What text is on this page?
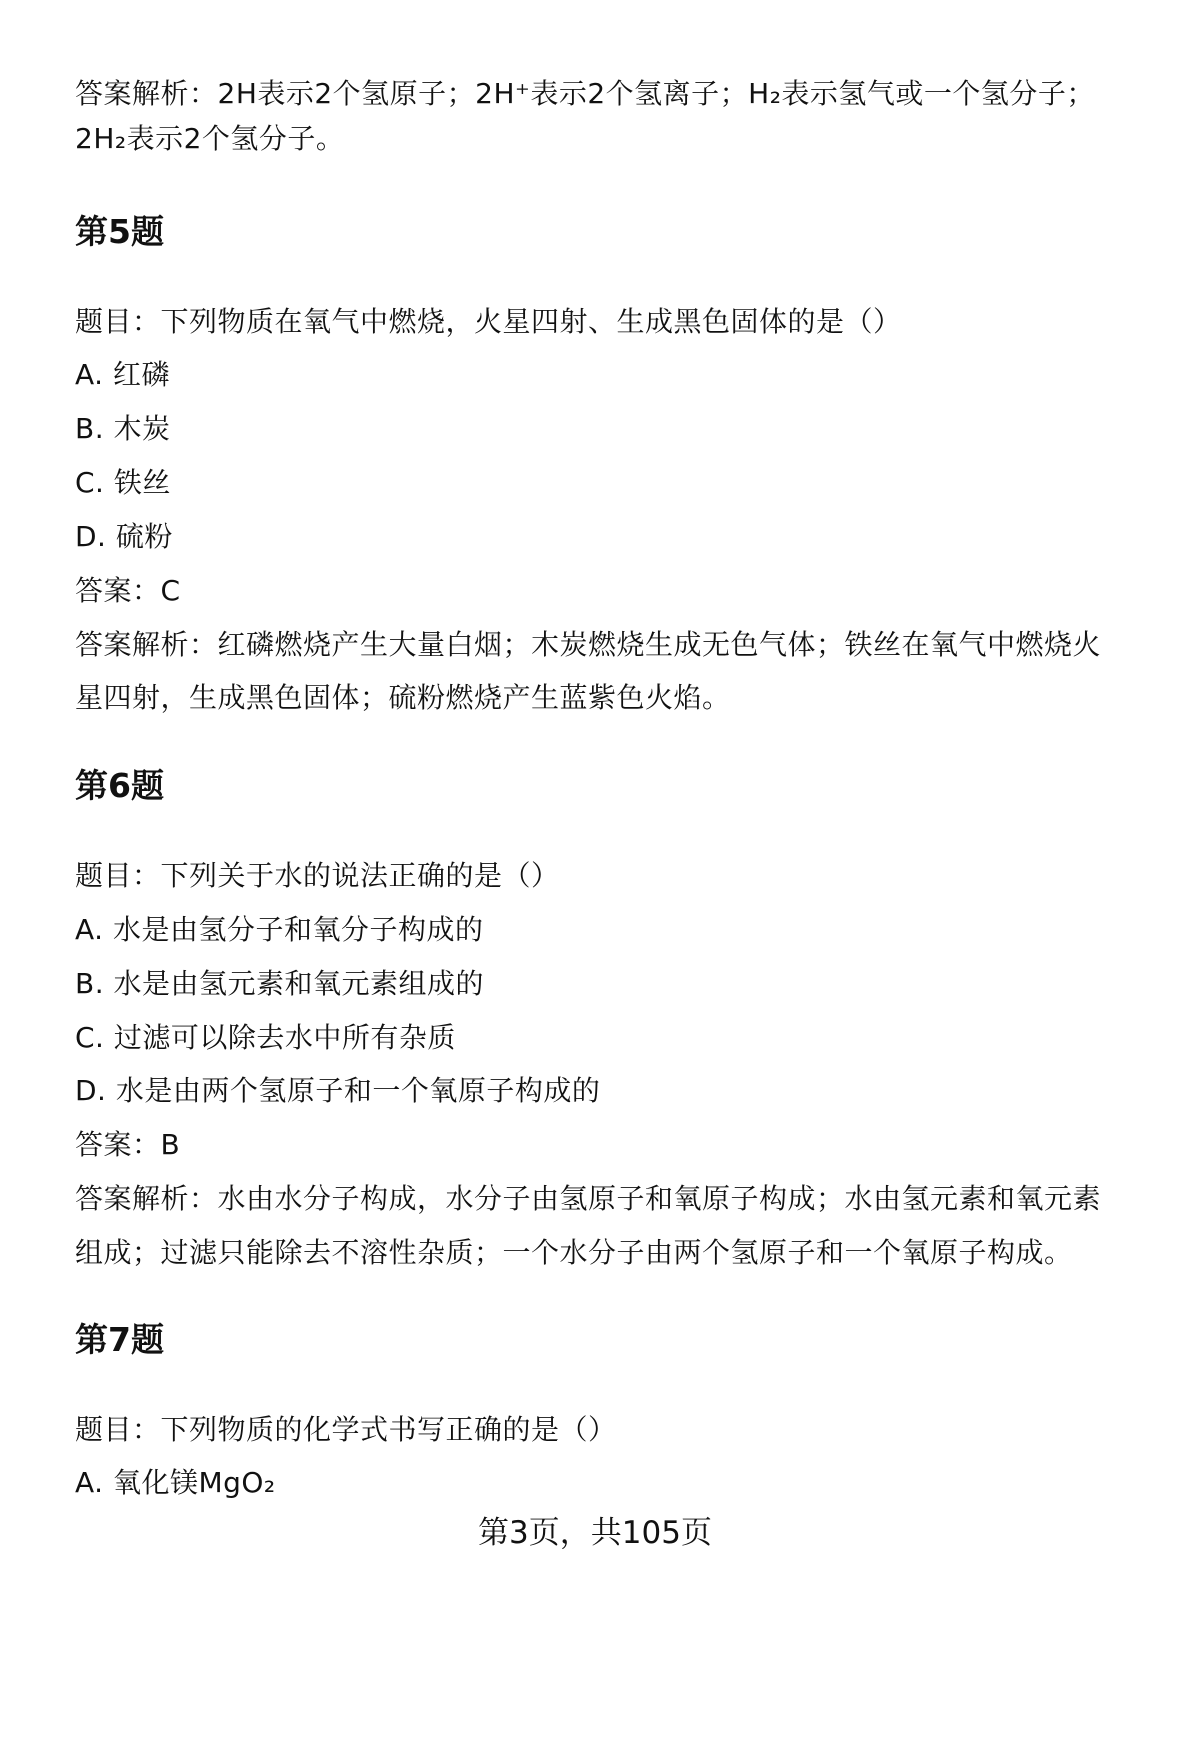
答案解析：2H表示2个氢原子；2H⁺表示2个氢离子；H₂表示氢气或一个氢分子；
2H₂表示2个氢分子。
第5题
题目：下列物质在氧气中燃烧，火星四射、生成黑色固体的是（）
A. 红磷
B. 木炭
C. 铁丝
D. 硫粉
答案：C
答案解析：红磷燃烧产生大量白烟；木炭燃烧生成无色气体；铁丝在氧气中燃烧火
星四射，生成黑色固体；硫粉燃烧产生蓝紫色火焰。
第6题
题目：下列关于水的说法正确的是（）
A. 水是由氢分子和氧分子构成的
B. 水是由氢元素和氧元素组成的
C. 过滤可以除去水中所有杂质
D. 水是由两个氢原子和一个氧原子构成的
答案：B
答案解析：水由水分子构成，水分子由氢原子和氧原子构成；水由氢元素和氧元素
组成；过滤只能除去不溶性杂质；一个水分子由两个氢原子和一个氧原子构成。
第7题
题目：下列物质的化学式书写正确的是（）
A. 氧化镁MgO₂
第3页，共105页
